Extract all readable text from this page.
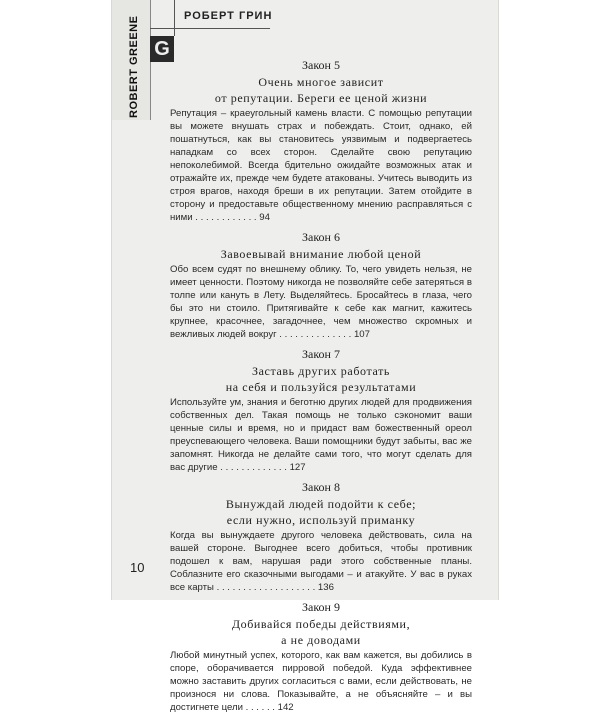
ROBERT GREENE G
РОБЕРТ ГРИН
Закон 5
Очень многое зависит
от репутации. Береги ее ценой жизни
Репутация – краеугольный камень власти. С помощью репутации вы можете внушать страх и побеждать. Стоит, однако, ей пошатнуться, как вы становитесь уязвимым и подвергаетесь нападкам со всех сторон. Сделайте свою репутацию непоколебимой. Всегда бдительно ожидайте возможных атак и отражайте их, прежде чем будете атакованы. Учитесь выводить из строя врагов, находя бреши в их репутации. Затем отойдите в сторону и предоставьте общественному мнению расправляться с ними . . . . . . . . . . . . 94
Закон 6
Завоевывай внимание любой ценой
Обо всем судят по внешнему облику. То, чего увидеть нельзя, не имеет ценности. Поэтому никогда не позволяйте себе затеряться в толпе или кануть в Лету. Выделяйтесь. Бросайтесь в глаза, чего бы это ни стоило. Притягивайте к себе как магнит, кажитесь крупнее, красочнее, загадочнее, чем множество скромных и вежливых людей вокруг . . . . . . . . . . . . . . 107
Закон 7
Заставь других работать
на себя и пользуйся результатами
Используйте ум, знания и беготню других людей для продвижения собственных дел. Такая помощь не только сэкономит ваши ценные силы и время, но и придаст вам божественный ореол преуспевающего человека. Ваши помощники будут забыты, вас же запомнят. Никогда не делайте сами того, что могут сделать для вас другие . . . . . . . . . . . . . 127
Закон 8
Вынуждай людей подойти к себе;
если нужно, используй приманку
Когда вы вынуждаете другого человека действовать, сила на вашей стороне. Выгоднее всего добиться, чтобы противник подошел к вам, нарушая ради этого собственные планы. Соблазните его сказочными выгодами – и атакуйте. У вас в руках все карты . . . . . . . . . . . . . . . . . . . 136
Закон 9
Добивайся победы действиями,
а не доводами
Любой минутный успех, которого, как вам кажется, вы добились в споре, оборачивается пирровой победой. Куда эффективнее можно заставить других согласиться с вами, если действовать, не произнося ни слова. Показывайте, а не объясняйте – и вы достигнете цели . . . . . . 142
10
